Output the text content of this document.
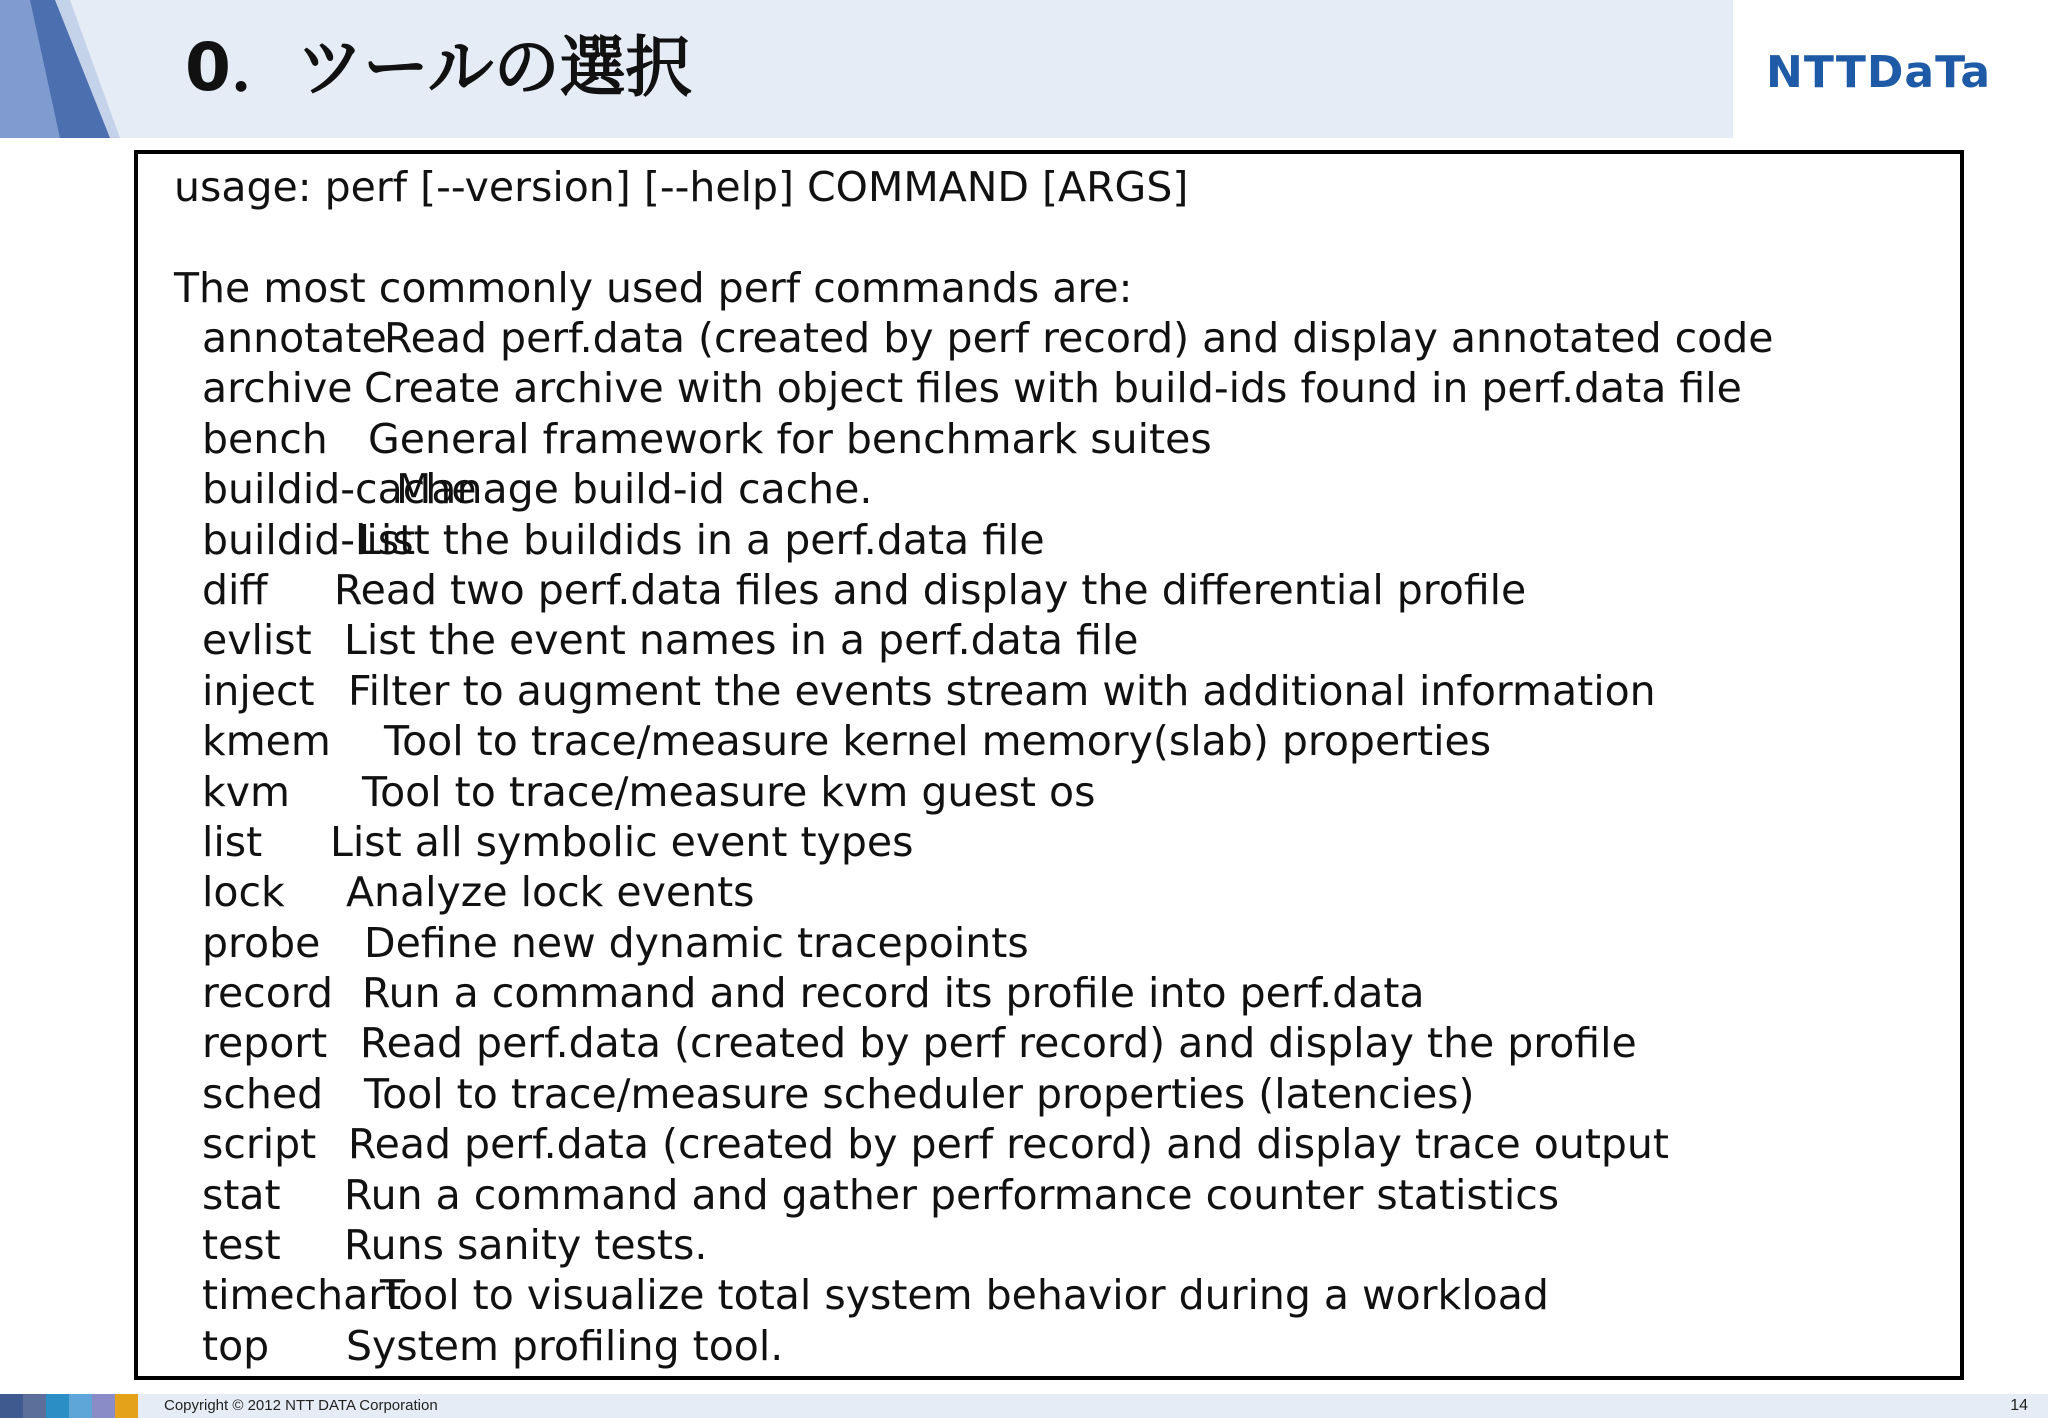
0．ツールの選択	NTTDaTa
usage: perf [--version] [--help] COMMAND [ARGS]
The most commonly used perf commands are:
annotate
Read perf.data (created by perf record) and display annotated code
archive Create archive with object files with build-ids found in perf.data file
bench General framework for benchmark suites
buildid-cache
Manage build-id cache.
buildid-list
List the buildids in a perf.data file
diff Read two perf.data files and display the differential profile
evlist List the event names in a perf.data file
inject Filter to augment the events stream with additional information
kmem Tool to trace/measure kernel memory(slab) properties
kvm Tool to trace/measure kvm guest os
list List all symbolic event types
lock Analyze lock events
probe Define new dynamic tracepoints
record Run a command and record its profile into perf.data
report Read perf.data (created by perf record) and display the profile
sched Tool to trace/measure scheduler properties (latencies)
script Read perf.data (created by perf record) and display trace output
stat Run a command and gather performance counter statistics
test Runs sanity tests.
timechart
Tool to visualize total system behavior during a workload
top System profiling tool.
Copyright © 2012 NTT DATA Corporation	14
